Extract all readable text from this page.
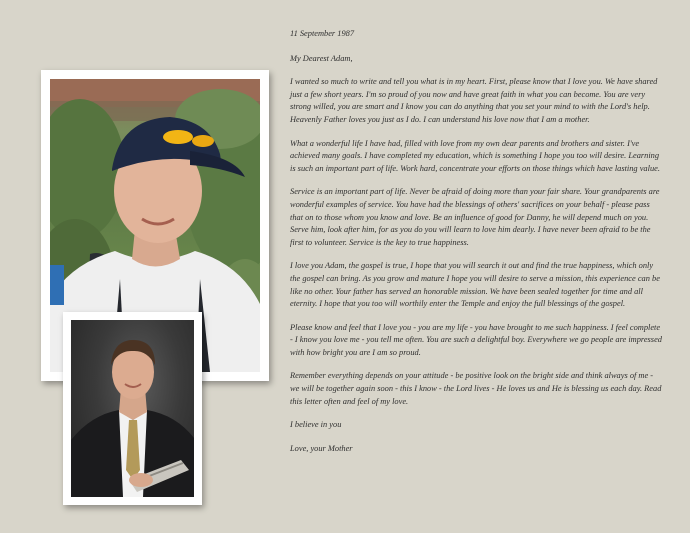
11 September 1987

My Dearest Adam,

I wanted so much to write and tell you what is in my heart. First, please know that I love you. We have shared just a few short years. I'm so proud of you now and have great faith in what you can become. You are very strong willed, you are smart and I know you can do anything that you set your mind to with the Lord's help. Heavenly Father loves you just as I do. I can understand his love now that I am a mother.

What a wonderful life I have had, filled with love from my own dear parents and brothers and sister. I've achieved many goals. I have completed my education, which is something I hope you too will desire. Learning is such an important part of life. Work hard, concentrate your efforts on those things which have lasting value.

Service is an important part of life. Never be afraid of doing more than your fair share. Your grandparents are wonderful examples of service. You have had the blessings of others' sacrifices on your behalf - please pass that on to those whom you know and love. Be an influence of good for Danny, he will depend much on you. Serve him, look after him, for as you do you will learn to love him dearly. I have never been afraid to be the first to volunteer. Service is the key to true happiness.

I love you Adam, the gospel is true, I hope that you will search it out and find the true happiness, which only the gospel can bring. As you grow and mature I hope you will desire to serve a mission, this experience can be like no other. Your father has served an honorable mission. We have been sealed together for time and all eternity. I hope that you too will worthily enter the Temple and enjoy the full blessings of the gospel.

Please know and feel that I love you - you are my life - you have brought to me such happiness. I feel complete - I know you love me - you tell me often. You are such a delightful boy. Everywhere we go people are impressed with how bright you are I am so proud.

Remember everything depends on your attitude - be positive look on the bright side and think always of me - we will be together again soon - this I know - the Lord lives - He loves us and He is blessing us each day. Read this letter often and feel of my love.

I believe in you

Love, your Mother
